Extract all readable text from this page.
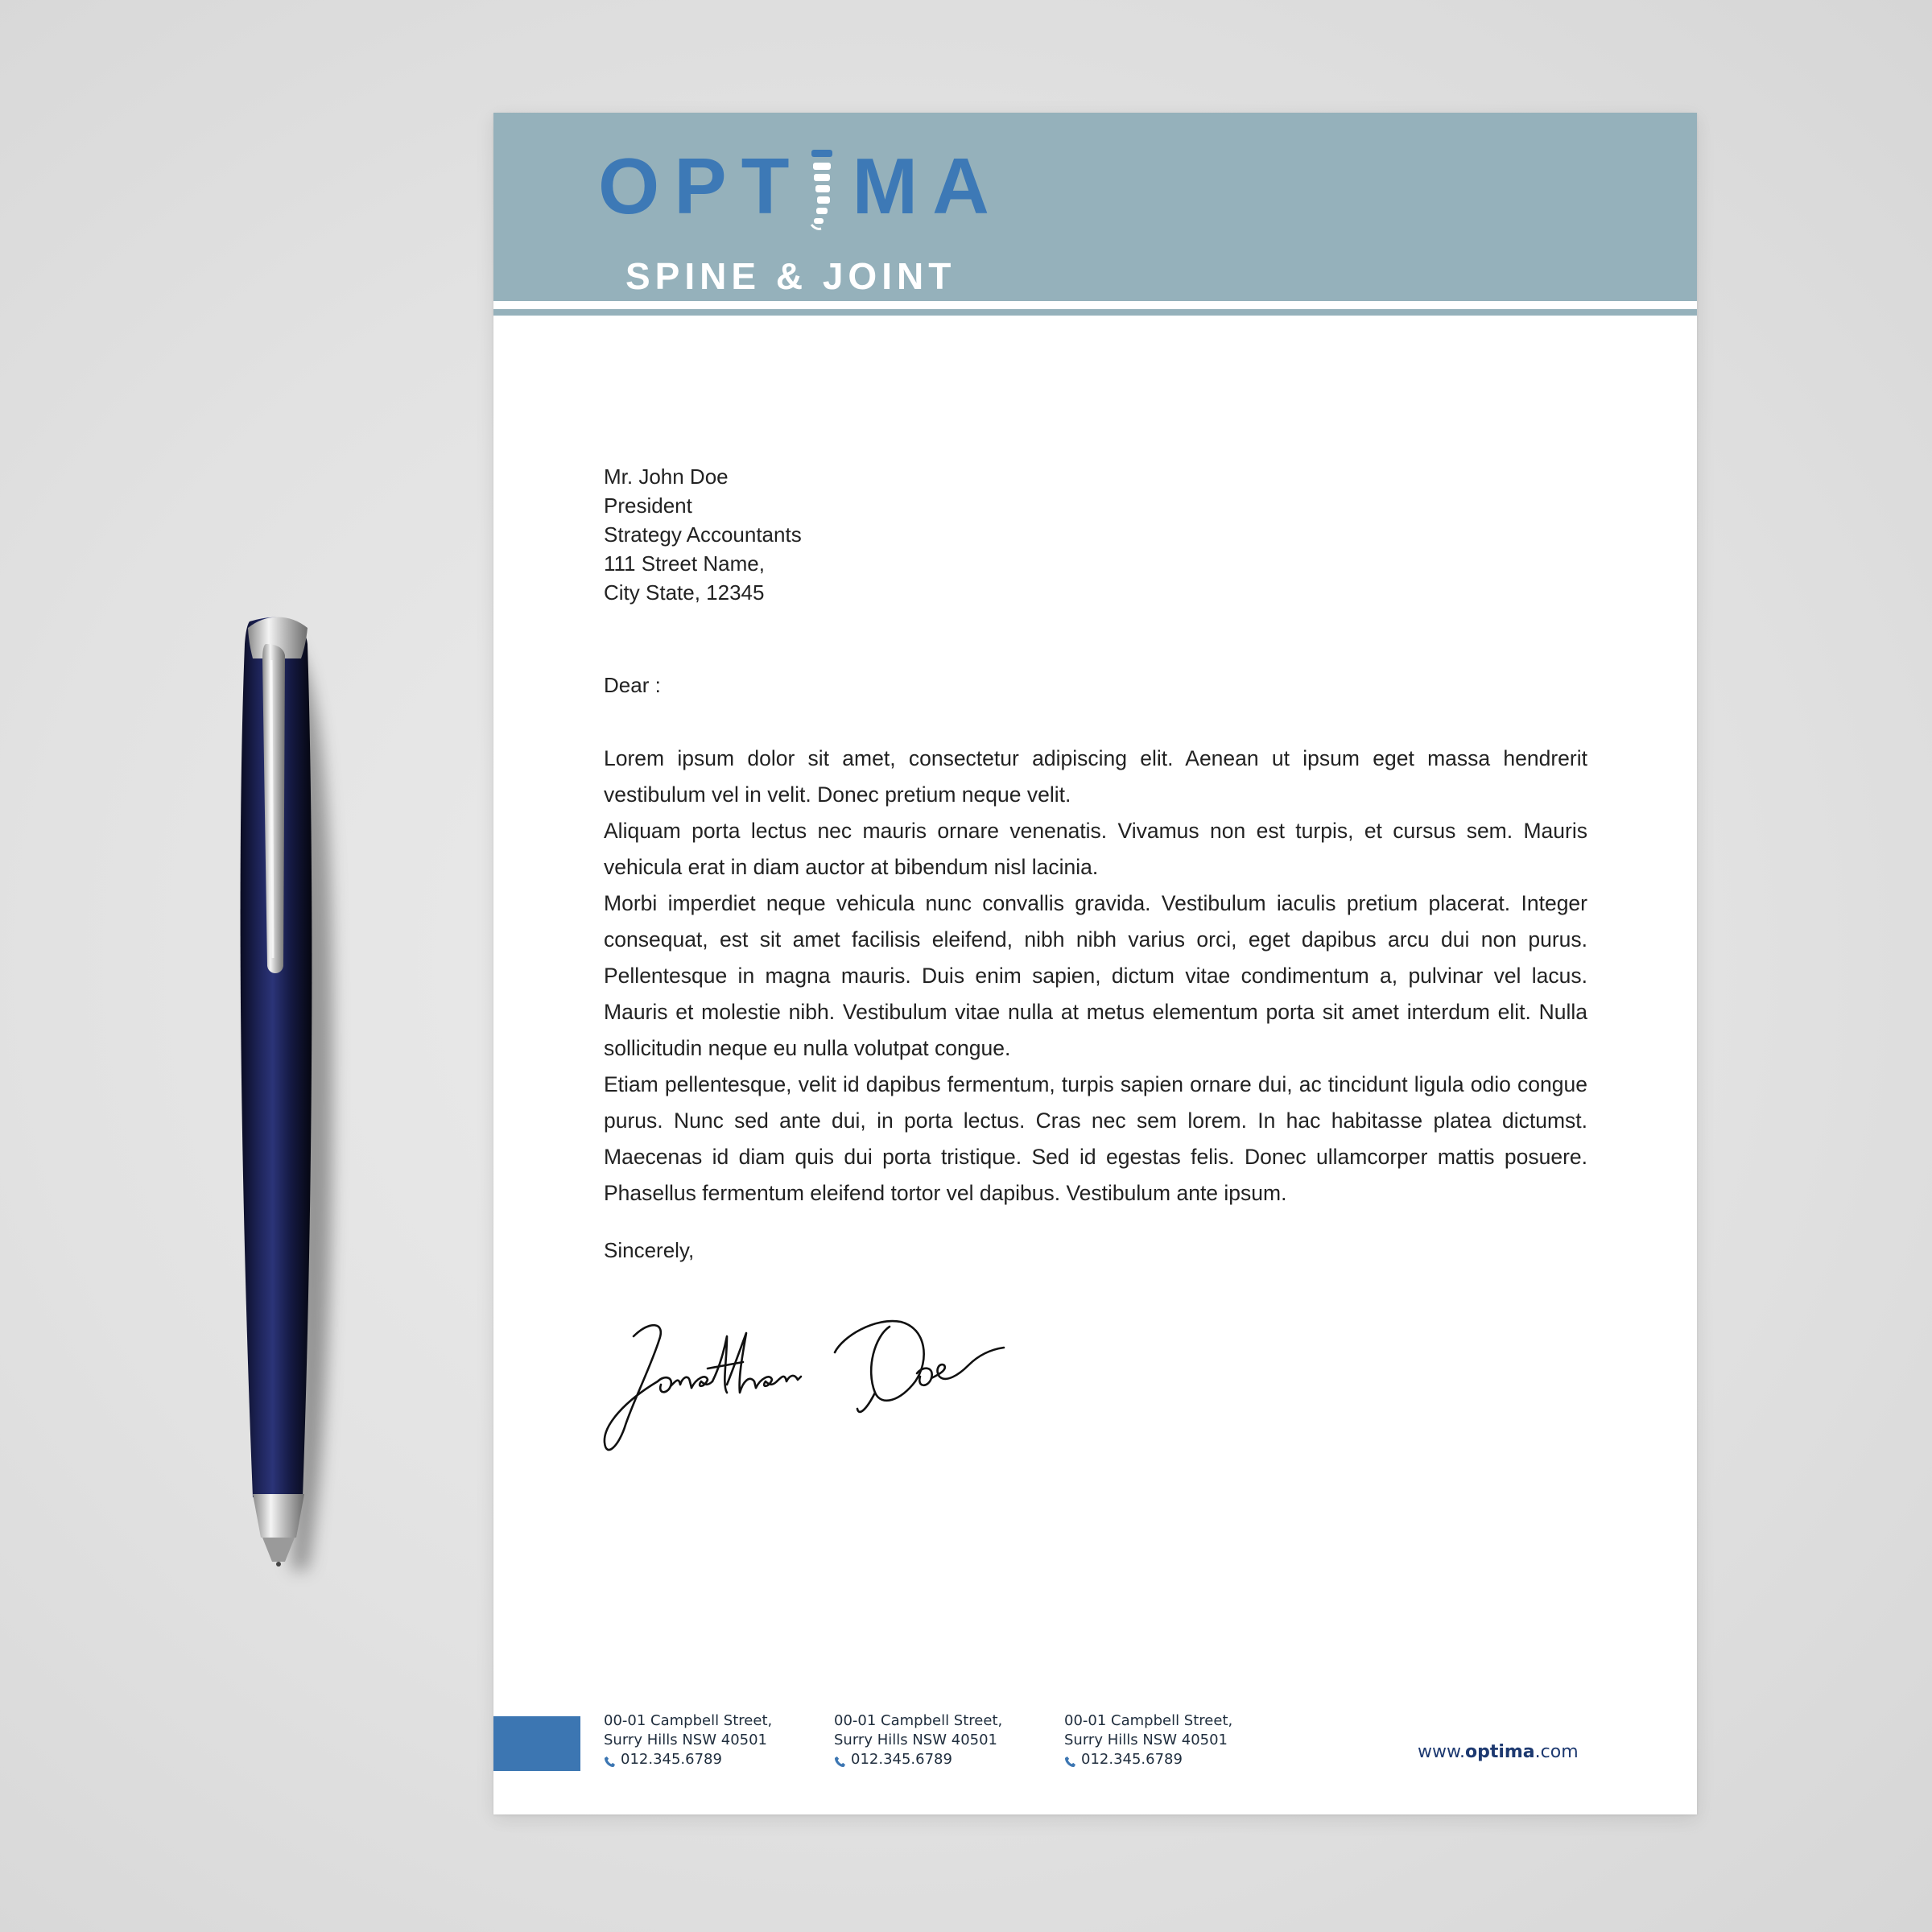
OPT MA
SPINE & JOINT
Mr. John Doe
President
Strategy Accountants
111 Street Name,
City State, 12345
Dear :

Lorem ipsum dolor sit amet, consectetur adipiscing elit. Aenean ut ipsum eget massa hendrerit vestibulum vel in velit. Donec pretium neque velit.

Aliquam porta lectus nec mauris ornare venenatis. Vivamus non est turpis, et cursus sem. Mauris vehicula erat in diam auctor at bibendum nisl lacinia.

Morbi imperdiet neque vehicula nunc convallis gravida. Vestibulum iaculis pretium placerat. Integer consequat, est sit amet facilisis eleifend, nibh nibh varius orci, eget dapibus arcu dui non purus. Pellentesque in magna mauris. Duis enim sapien, dictum vitae condimentum a, pulvinar vel lacus. Mauris et molestie nibh. Vestibulum vitae nulla at metus elementum porta sit amet interdum elit. Nulla sollicitudin neque eu nulla volutpat congue.

Etiam pellentesque, velit id dapibus fermentum, turpis sapien ornare dui, ac tincidunt ligula odio congue purus. Nunc sed ante dui, in porta lectus. Cras nec sem lorem. In hac habitasse platea dictumst. Maecenas id diam quis dui porta tristique. Sed id egestas felis. Donec ullamcorper mattis posuere. Phasellus fermentum eleifend tortor vel dapibus. Vestibulum ante ipsum.

Sincerely,
00-01 Campbell Street,
Surry Hills NSW 40501
012.345.6789
00-01 Campbell Street,
Surry Hills NSW 40501
012.345.6789
00-01 Campbell Street,
Surry Hills NSW 40501
012.345.6789	www.optima.com
